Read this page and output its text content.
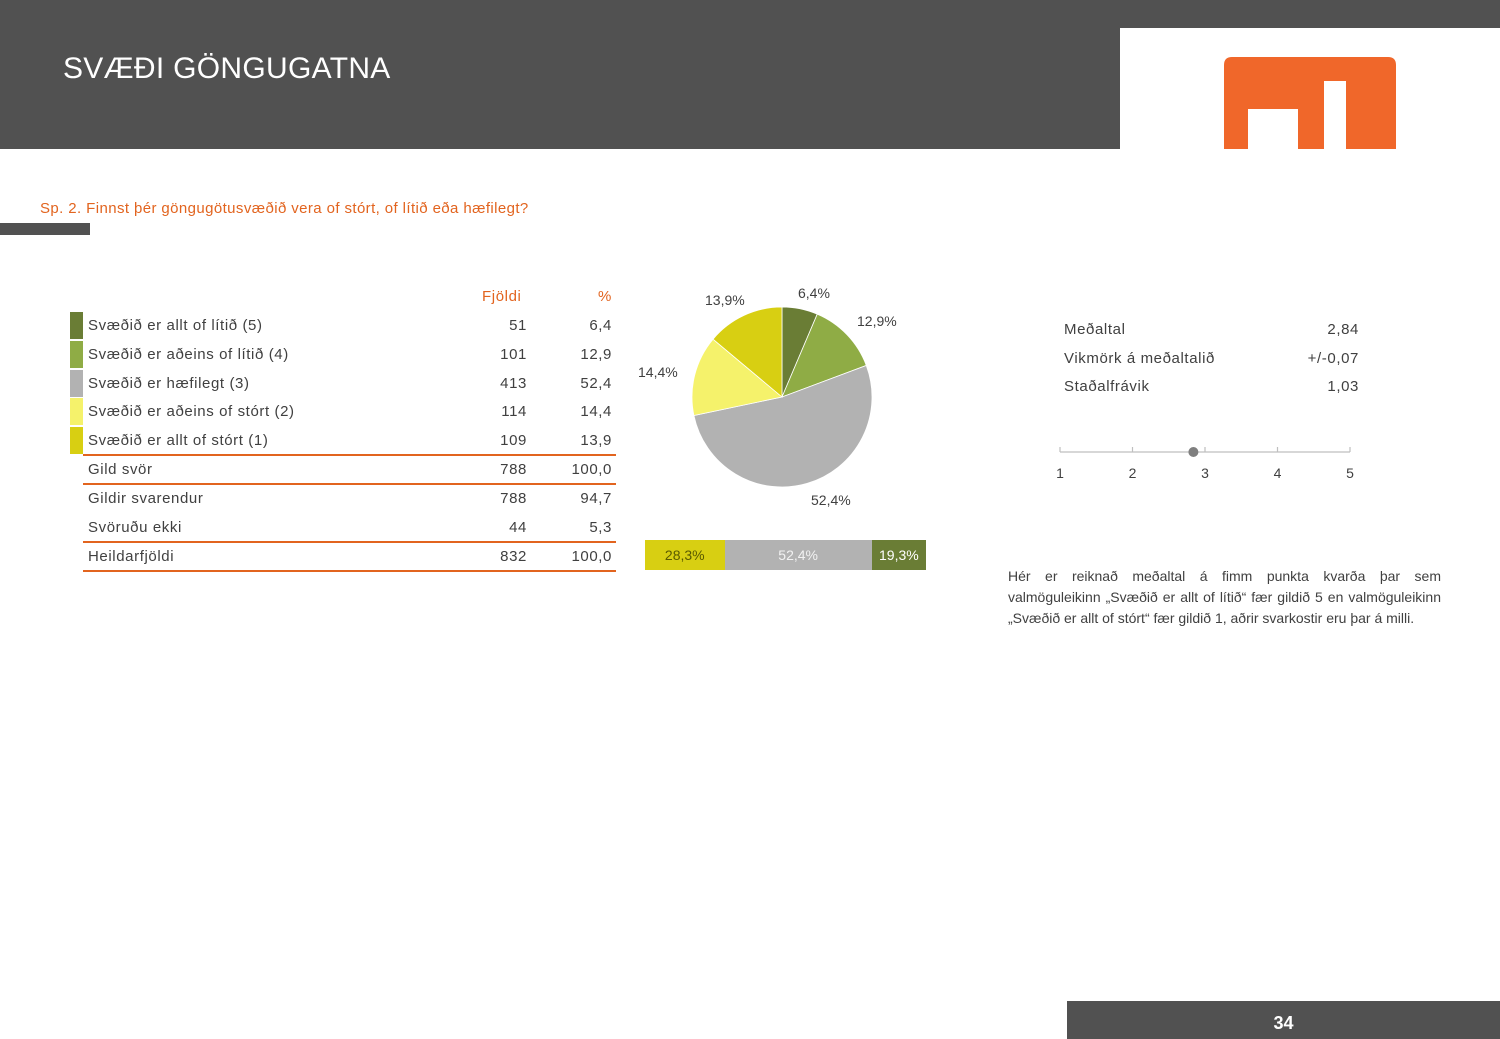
SVÆÐI GÖNGUGATNA
Sp. 2. Finnst þér göngugötusvæðið vera of stórt, of lítið eða hæfilegt?
Fjöldi	%
Svæðið er allt of lítið (5)	51	6,4
Svæðið er aðeins of lítið (4)	101	12,9
Svæðið er hæfilegt (3)	413	52,4
Svæðið er aðeins of stórt (2)	114	14,4
Svæðið er allt of stórt (1)	109	13,9
Gild svör	788	100,0
Gildir svarendur	788	94,7
Svöruðu ekki	44	5,3
Heildarfjöldi	832	100,0
6,4%
12,9%
52,4%
14,4%
13,9%
28,3%	52,4%	19,3%
Meðaltal	2,84
Vikmörk á meðaltalið	+/-0,07
Staðalfrávik	1,03
1	2	3	4	5
Hér er reiknað meðaltal á fimm punkta kvarða þar sem valmöguleikinn „Svæðið er allt of lítið“ fær gildið 5 en valmöguleikinn „Svæðið er allt of stórt“ fær gildið 1, aðrir svarkostir eru þar á milli.
34
